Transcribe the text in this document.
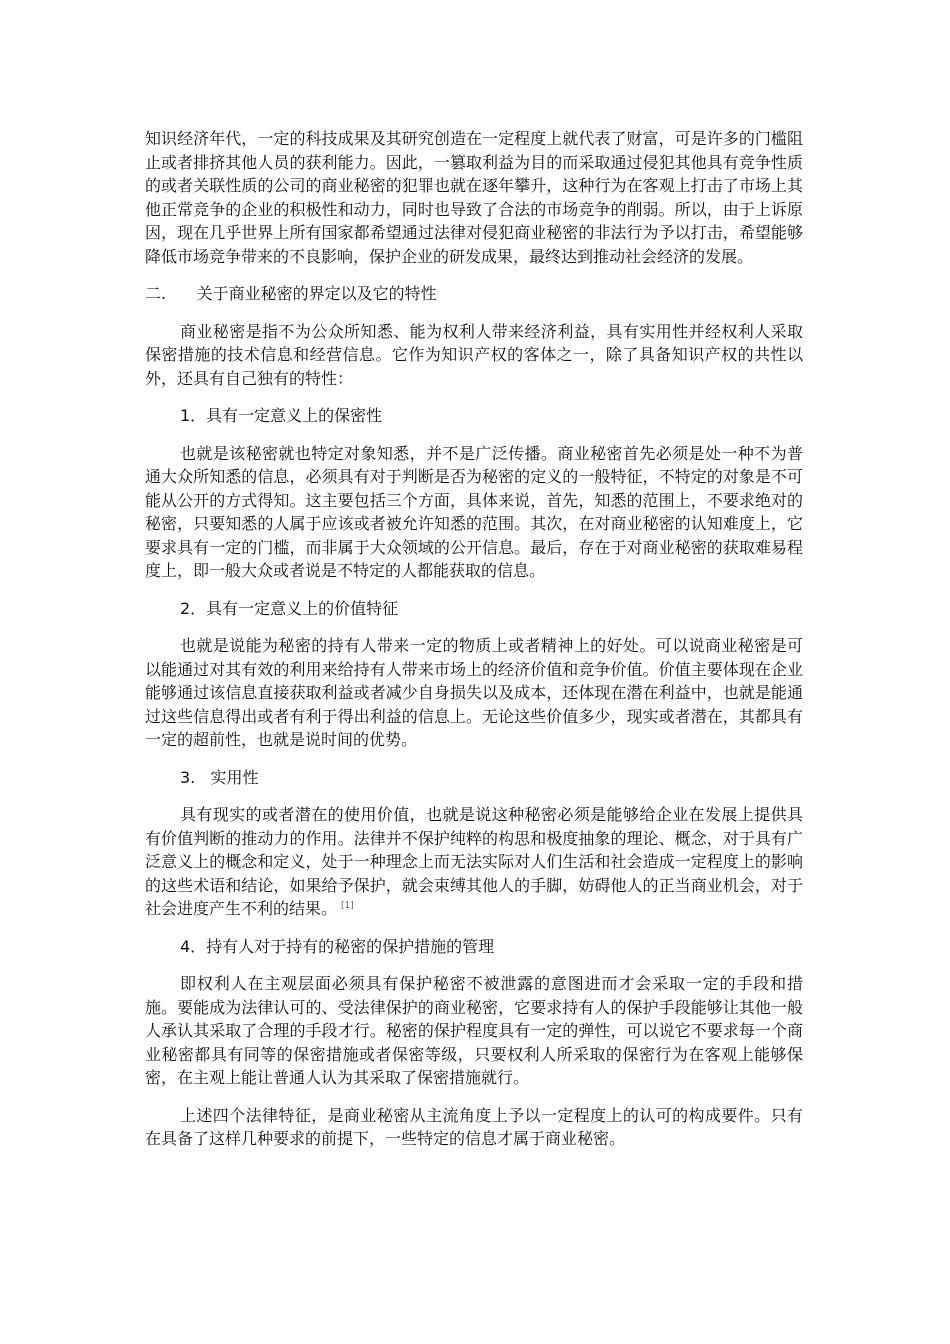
知识经济年代，一定的科技成果及其研究创造在一定程度上就代表了财富，可是许多的门槛阻止或者排挤其他人员的获利能力。因此，一篡取利益为目的而采取通过侵犯其他具有竞争性质的或者关联性质的公司的商业秘密的犯罪也就在逐年攀升，这种行为在客观上打击了市场上其他正常竞争的企业的积极性和动力，同时也导致了合法的市场竞争的削弱。所以，由于上诉原因，现在几乎世界上所有国家都希望通过法律对侵犯商业秘密的非法行为予以打击，希望能够降低市场竞争带来的不良影响，保护企业的研发成果，最终达到推动社会经济的发展。

二. 关于商业秘密的界定以及它的特性

商业秘密是指不为公众所知悉、能为权利人带来经济利益，具有实用性并经权利人采取保密措施的技术信息和经营信息。它作为知识产权的客体之一，除了具备知识产权的共性以外，还具有自己独有的特性：

1．具有一定意义上的保密性

也就是该秘密就也特定对象知悉，并不是广泛传播。商业秘密首先必须是处一种不为普通大众所知悉的信息，必须具有对于判断是否为秘密的定义的一般特征，不特定的对象是不可能从公开的方式得知。这主要包括三个方面，具体来说，首先，知悉的范围上，不要求绝对的秘密，只要知悉的人属于应该或者被允许知悉的范围。其次，在对商业秘密的认知难度上，它要求具有一定的门槛，而非属于大众领域的公开信息。最后，存在于对商业秘密的获取难易程度上，即一般大众或者说是不特定的人都能获取的信息。

2．具有一定意义上的价值特征

也就是说能为秘密的持有人带来一定的物质上或者精神上的好处。可以说商业秘密是可以能通过对其有效的利用来给持有人带来市场上的经济价值和竞争价值。价值主要体现在企业能够通过该信息直接获取利益或者减少自身损失以及成本，还体现在潜在利益中，也就是能通过这些信息得出或者有利于得出利益的信息上。无论这些价值多少，现实或者潜在，其都具有一定的超前性，也就是说时间的优势。

3.   实用性

具有现实的或者潜在的使用价值，也就是说这种秘密必须是能够给企业在发展上提供具有价值判断的推动力的作用。法律并不保护纯粹的构思和极度抽象的理论、概念，对于具有广泛意义上的概念和定义，处于一种理念上而无法实际对人们生活和社会造成一定程度上的影响的这些术语和结论，如果给予保护，就会束缚其他人的手脚，妨碍他人的正当商业机会，对于社会进度产生不利的结果。 [1]

4．持有人对于持有的秘密的保护措施的管理

即权利人在主观层面必须具有保护秘密不被泄露的意图进而才会采取一定的手段和措施。要能成为法律认可的、受法律保护的商业秘密，它要求持有人的保护手段能够让其他一般人承认其采取了合理的手段才行。秘密的保护程度具有一定的弹性，可以说它不要求每一个商业秘密都具有同等的保密措施或者保密等级，只要权利人所采取的保密行为在客观上能够保密，在主观上能让普通人认为其采取了保密措施就行。

上述四个法律特征，是商业秘密从主流角度上予以一定程度上的认可的构成要件。只有在具备了这样几种要求的前提下，一些特定的信息才属于商业秘密。
